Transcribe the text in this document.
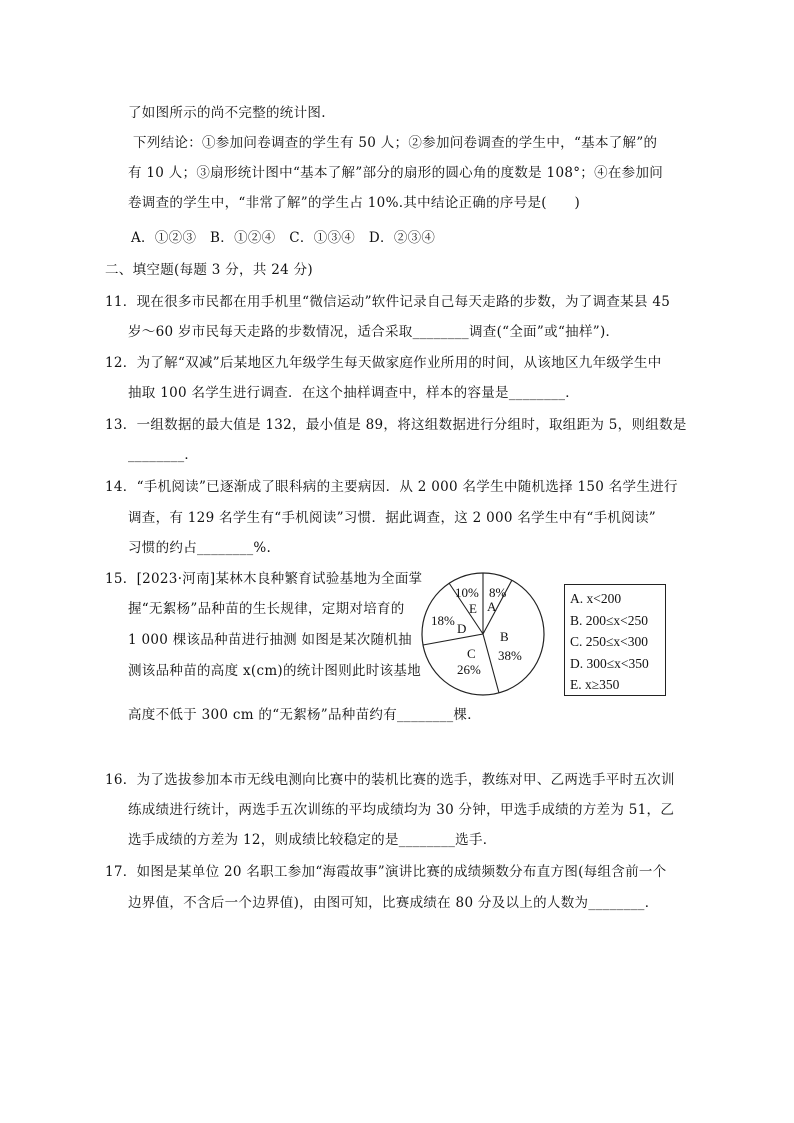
了如图所示的尚不完整的统计图.
下列结论：①参加问卷调查的学生有 50 人；②参加问卷调查的学生中，“基本了解”的
有 10 人；③扇形统计图中“基本了解”部分的扇形的圆心角的度数是 108°；④在参加问
卷调查的学生中，“非常了解”的学生占 10%.其中结论正确的序号是(　　)
A．①②③　B．①②④　C．①③④　D．②③④
二、填空题(每题 3 分，共 24 分)
11．现在很多市民都在用手机里“微信运动”软件记录自己每天走路的步数，为了调查某县 45
岁～60 岁市民每天走路的步数情况，适合采取________调查(“全面”或“抽样”)．
12．为了解“双减”后某地区九年级学生每天做家庭作业所用的时间，从该地区九年级学生中
抽取 100 名学生进行调查．在这个抽样调查中，样本的容量是________．
13．一组数据的最大值是 132，最小值是 89，将这组数据进行分组时，取组距为 5，则组数是
________．
14．“手机阅读”已逐渐成了眼科病的主要病因．从 2 000 名学生中随机选择 150 名学生进行
调查，有 129 名学生有“手机阅读”习惯．据此调查，这 2 000 名学生中有“手机阅读”
习惯的约占________%.
15．[2023·河南]某林木良种繁育试验基地为全面掌
握“无絮杨”品种苗的生长规律，定期对培育的
1 000 棵该品种苗进行抽测 如图是某次随机抽
测该品种苗的高度 x(cm)的统计图则此时该基地
高度不低于 300 cm 的“无絮杨”品种苗约有________棵．
8%
A
B
38%
C
26%
18%
D
10%
E
A. x<200
B. 200≤x<250
C. 250≤x<300
D. 300≤x<350
E. x≥350
16．为了选拔参加本市无线电测向比赛中的装机比赛的选手，教练对甲、乙两选手平时五次训
练成绩进行统计，两选手五次训练的平均成绩均为 30 分钟，甲选手成绩的方差为 51，乙
选手成绩的方差为 12，则成绩比较稳定的是________选手．
17．如图是某单位 20 名职工参加“海霞故事”演讲比赛的成绩频数分布直方图(每组含前一个
边界值，不含后一个边界值)，由图可知，比赛成绩在 80 分及以上的人数为________．
